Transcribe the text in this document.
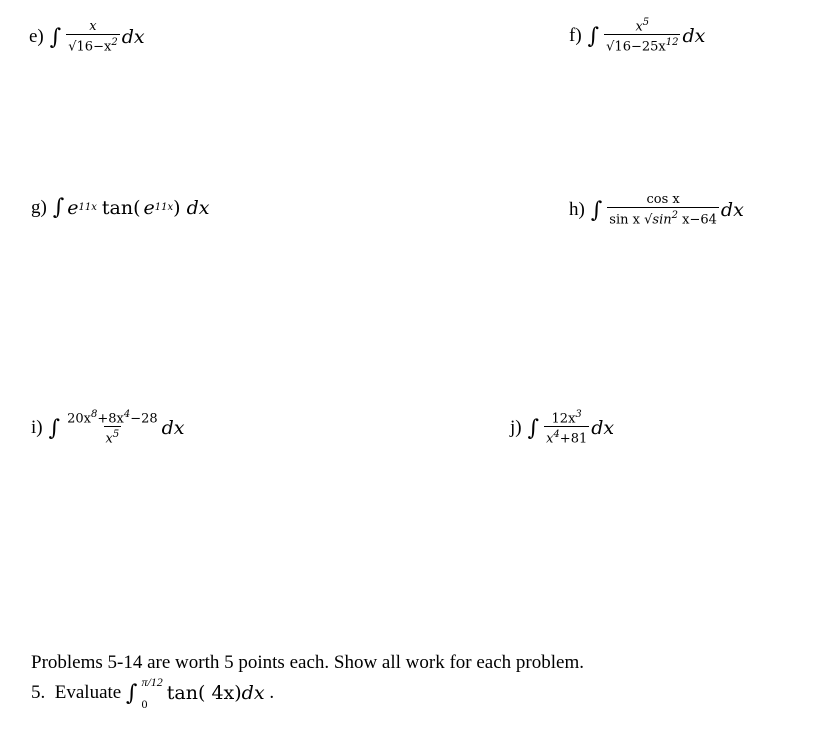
e) ∫ $\frac{x}{√16-x^2}$ dx	f) ∫ $\frac{x^5}{√16-25x^{12}}$ dx
g) ∫ e 11x tan( e 11x ) dx	h) ∫ $\frac{\text{cos x}}{\sin x √\sin^2 x-64}$ dx
i) ∫ $\frac{20x^8+8x^4-28}{x^5}$ dx	j) ∫ $\frac{12x^3}{x^4+81}$ dx
Problems 5-14 are worth 5 points each. Show all work for each problem.
5.  Evaluate ∫ π/12
0	tan( 4x) dx .
